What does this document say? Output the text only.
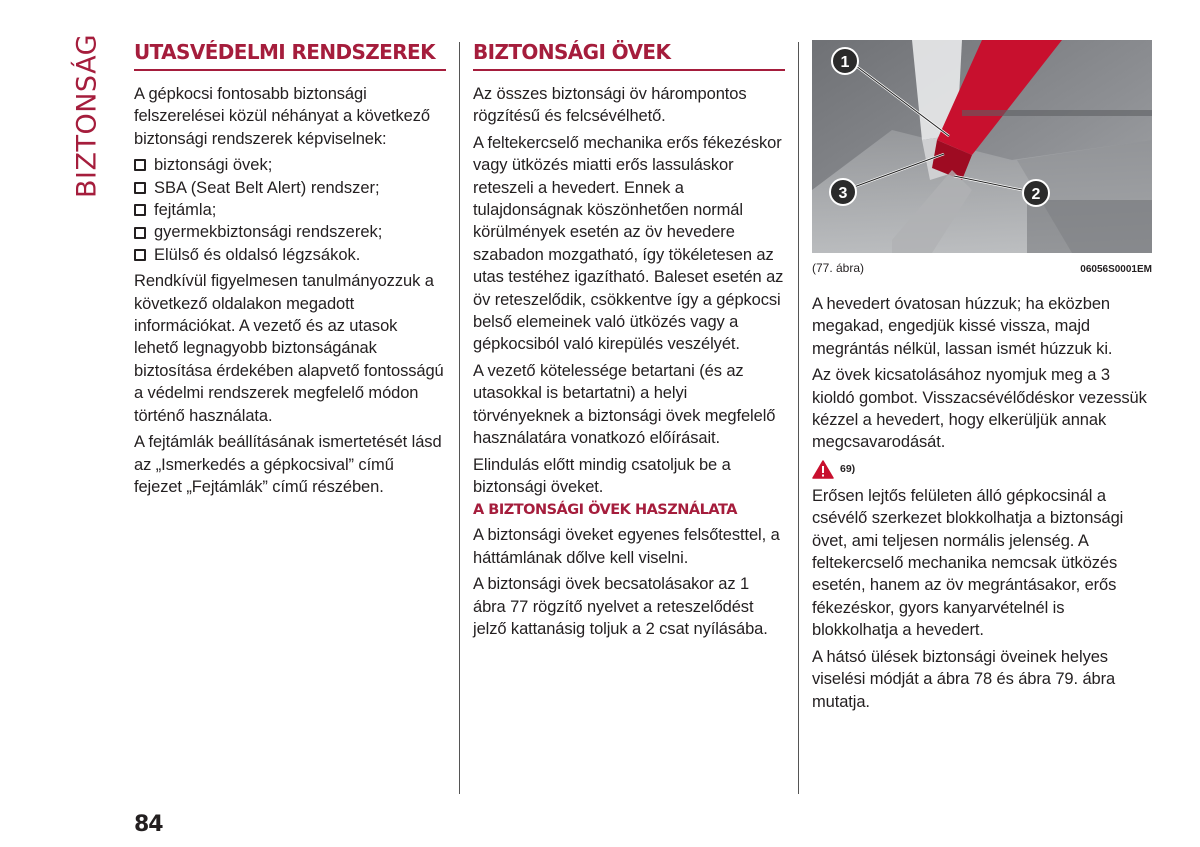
BIZTONSÁG UTASVÉDELMI RENDSZEREK

A gépkocsi fontosabb biztonsági felszerelései közül néhányat a következő biztonsági rendszerek képviselnek:

biztonsági övek;
SBA (Seat Belt Alert) rendszer;
fejtámla;
gyermekbiztonsági rendszerek;
Elülső és oldalsó légzsákok.

Rendkívül figyelmesen tanulmányozzuk a következő oldalakon megadott információkat. A vezető és az utasok lehető legnagyobb biztonságának biztosítása érdekében alapvető fontosságú a védelmi rendszerek megfelelő módon történő használata.

A fejtámlák beállításának ismertetését lásd az „Ismerkedés a gépkocsival” című fejezet „Fejtámlák” című részében.

BIZTONSÁGI ÖVEK

Az összes biztonsági öv hárompontos rögzítésű és felcsévélhető.

A feltekercselő mechanika erős fékezéskor vagy ütközés miatti erős lassuláskor reteszeli a hevedert. Ennek a tulajdonságnak köszönhetően normál körülmények esetén az öv hevedere szabadon mozgatható, így tökéletesen az utas testéhez igazítható. Baleset esetén az öv reteszelődik, csökkentve így a gépkocsi belső elemeinek való ütközés vagy a gépkocsiból való kirepülés veszélyét.

A vezető kötelessége betartani (és az utasokkal is betartatni) a helyi törvényeknek a biztonsági övek megfelelő használatára vonatkozó előírásait.

Elindulás előtt mindig csatoljuk be a biztonsági öveket.

A BIZTONSÁGI ÖVEK HASZNÁLATA

A biztonsági öveket egyenes felsőtesttel, a háttámlának dőlve kell viselni.

A biztonsági övek becsatolásakor az 1 ábra 77 rögzítő nyelvet a reteszelődést jelző kattanásig toljuk a 2 csat nyílásába.

1
2
3
(77. ábra)	06056S0001EM

A hevedert óvatosan húzzuk; ha eközben megakad, engedjük kissé vissza, majd megrántás nélkül, lassan ismét húzzuk ki.

Az övek kicsatolásához nyomjuk meg a 3 kioldó gombot. Visszacsévélődéskor vezessük kézzel a hevedert, hogy elkerüljük annak megcsavarodását.

69)

Erősen lejtős felületen álló gépkocsinál a csévélő szerkezet blokkolhatja a biztonsági övet, ami teljesen normális jelenség. A feltekercselő mechanika nemcsak ütközés esetén, hanem az öv megrántásakor, erős fékezéskor, gyors kanyarvételnél is blokkolhatja a hevedert.

A hátsó ülések biztonsági öveinek helyes viselési módját a ábra 78 és ábra 79. ábra mutatja.

84
